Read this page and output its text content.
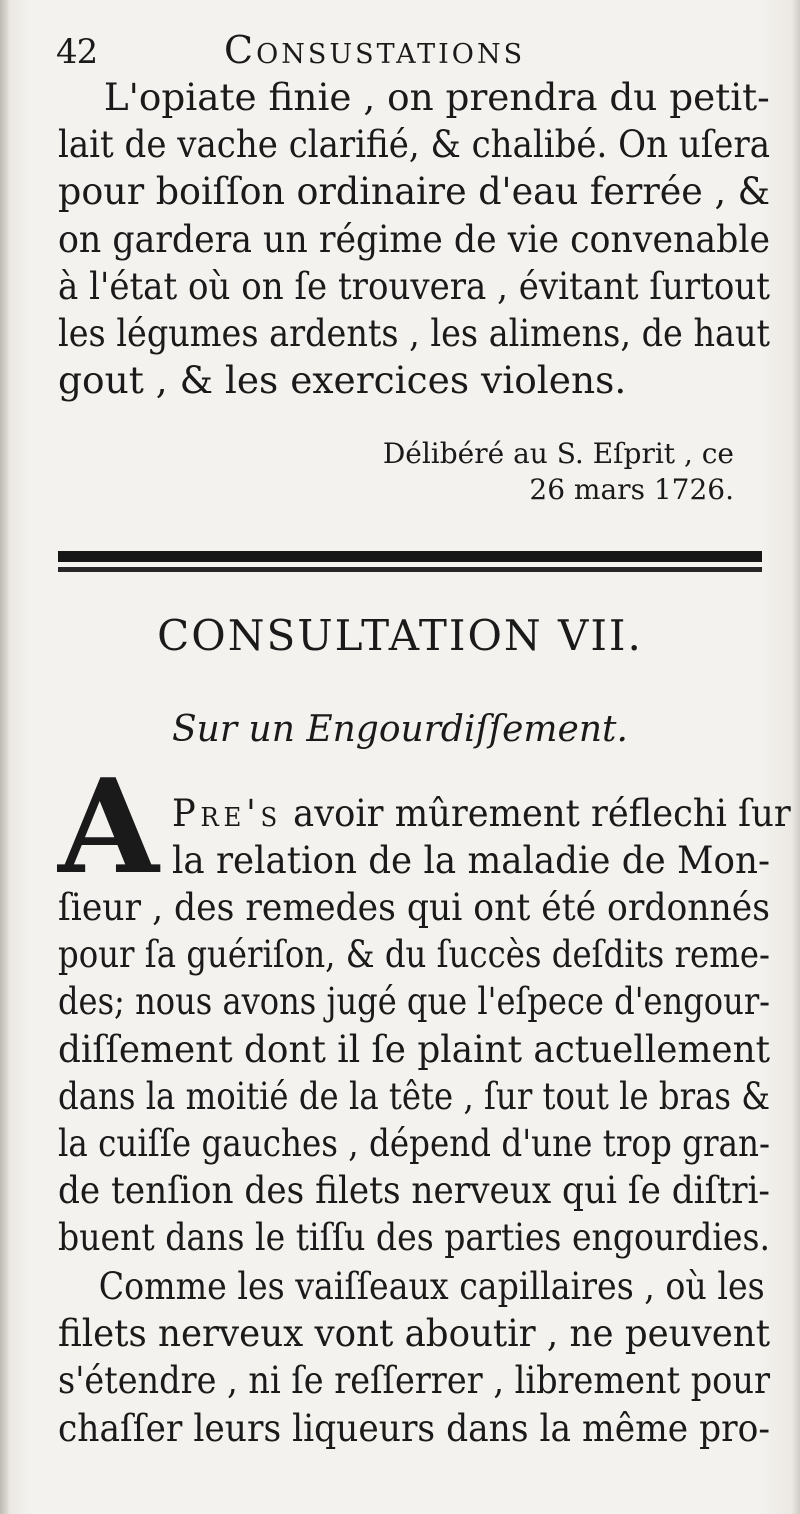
42	Consustations
L'opiate finie , on prendra du petit-
lait de vache clarifié, & chalibé. On uſera
pour boiſſon ordinaire d'eau ferrée , &
on gardera un régime de vie convenable
à l'état où on ſe trouvera , évitant ſurtout
les légumes ardents , les alimens, de haut
gout , & les exercices violens.
Délibéré au S. Eſprit , ce
26 mars 1726.
CONSULTATION VII.
Sur un Engourdiſſement.
A Pre's avoir mûrement réflechi ſur
la relation de la maladie de Mon-
ſieur , des remedes qui ont été ordonnés
pour ſa guériſon, & du ſuccès deſdits reme-
des; nous avons jugé que l'eſpece d'engour-
diſſement dont il ſe plaint actuellement
dans la moitié de la tête , ſur tout le bras &
la cuiſſe gauches , dépend d'une trop gran-
de tenſion des filets nerveux qui ſe diſtri-
buent dans le tiſſu des parties engourdies.
Comme les vaiſſeaux capillaires , où les
filets nerveux vont aboutir , ne peuvent
s'étendre , ni ſe reſſerrer , librement pour
chaſſer leurs liqueurs dans la même pro-
